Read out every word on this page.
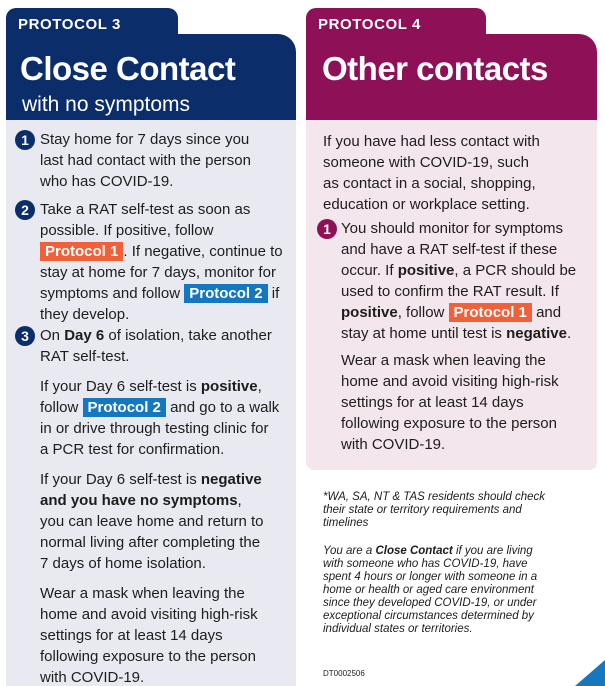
Close Contact
with no symptoms
PROTOCOL 3
1 Stay home for 7 days since you
last had contact with the person
who has COVID-19.
2 Take a RAT self-test as soon as
possible. If positive, follow
Protocol 1 . If negative, continue to
stay at home for 7 days, monitor for
symptoms and follow Protocol 2 if
they develop.
3 On Day 6 of isolation, take another
RAT self-test.
If your Day 6 self-test is positive,
follow Protocol 2 and go to a walk
in or drive through testing clinic for
a PCR test for confirmation.
If your Day 6 self-test is negative
and you have no symptoms,
you can leave home and return to
normal living after completing the
7 days of home isolation.
Wear a mask when leaving the
home and avoid visiting high-risk
settings for at least 14 days
following exposure to the person
with COVID-19.
Other contacts
PROTOCOL 4
If you have had less contact with
someone with COVID-19, such
as contact in a social, shopping,
education or workplace setting.
1 You should monitor for symptoms
and have a RAT self-test if these
occur. If positive, a PCR should be
used to confirm the RAT result. If
positive, follow Protocol 1 and
stay at home until test is negative.
Wear a mask when leaving the
home and avoid visiting high-risk
settings for at least 14 days
following exposure to the person
with COVID-19.
*WA, SA, NT & TAS residents should check
their state or territory requirements and
timelines
You are a Close Contact if you are living
with someone who has COVID-19, have
spent 4 hours or longer with someone in a
home or health or aged care environment
since they developed COVID-19, or under
exceptional circumstances determined by
individual states or territories.
DT0002506
